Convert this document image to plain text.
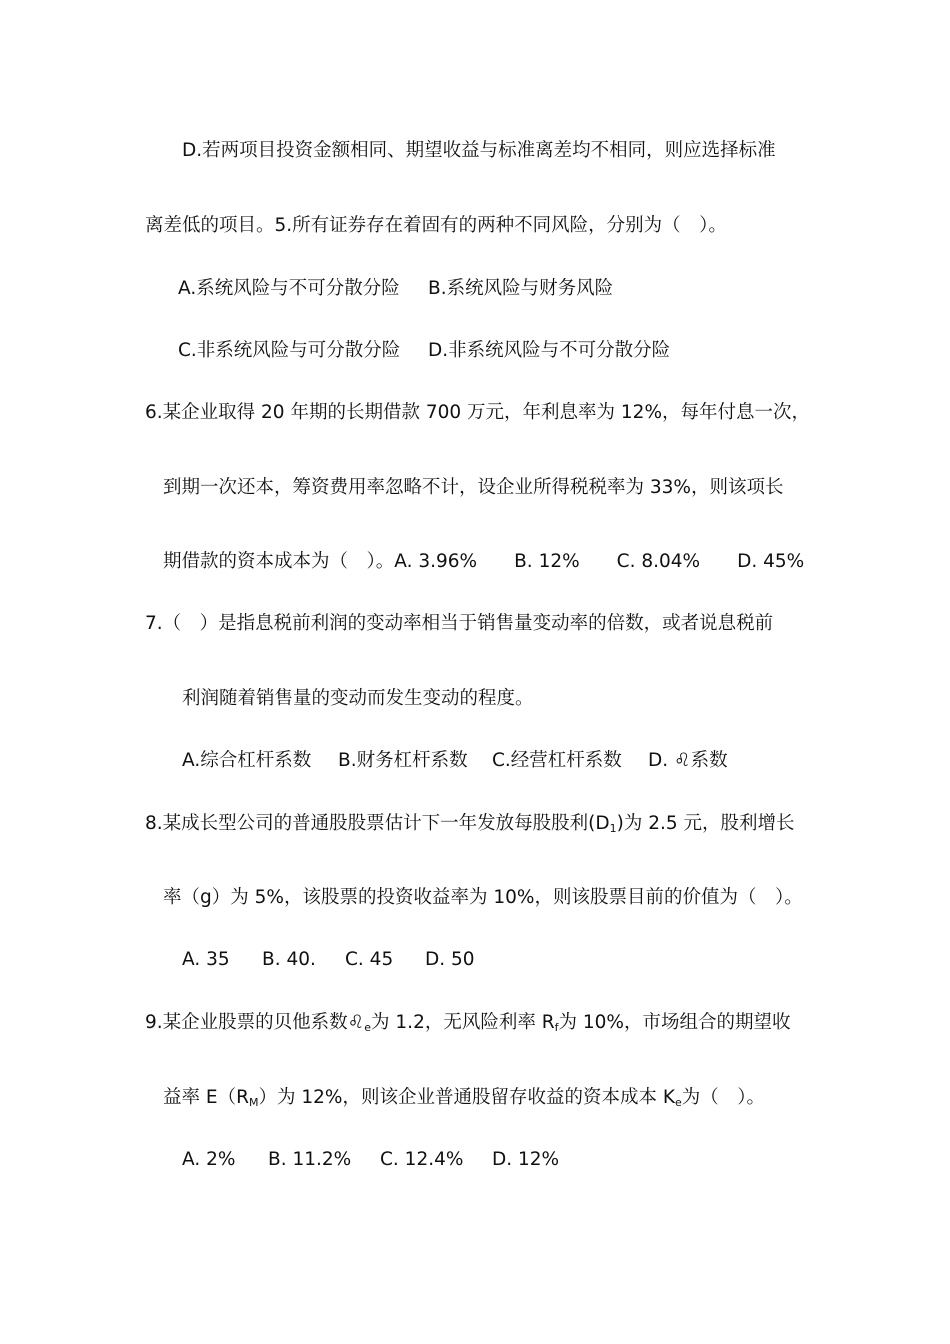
D.若两项目投资金额相同、期望收益与标准离差均不相同，则应选择标准
离差低的项目。5.所有证券存在着固有的两种不同风险，分别为（　）。
A.系统风险与不可分散分险 B.系统风险与财务风险
C.非系统风险与可分散分险 D.非系统风险与不可分散分险
6.某企业取得 20 年期的长期借款 700 万元，年利息率为 12%，每年付息一次，
到期一次还本，筹资费用率忽略不计，设企业所得税税率为 33%，则该项长
期借款的资本成本为（　）。A. 3.96%　　B. 12%　　C. 8.04%　　D. 45%
7.（　）是指息税前利润的变动率相当于销售量变动率的倍数，或者说息税前
利润随着销售量的变动而发生变动的程度。
A.综合杠杆系数 B.财务杠杆系数 C.经营杠杆系数 D. ♌系数
8.某成长型公司的普通股股票估计下一年发放每股股利$(D_1)$为 2.5 元，股利增长
率（g）为 5%，该股票的投资收益率为 10%，则该股票目前的价值为（　）。
A. 35 B. 40. C. 45 D. 50
9.某企业股票的贝他系数$♌_e$为 1.2，无风险利率 $R_f$为 10%，市场组合的期望收
益率 $E(R_M)$为 12%，则该企业普通股留存收益的资本成本 $K_e$为（　）。
A. 2% B. 11.2% C. 12.4% D. 12%
